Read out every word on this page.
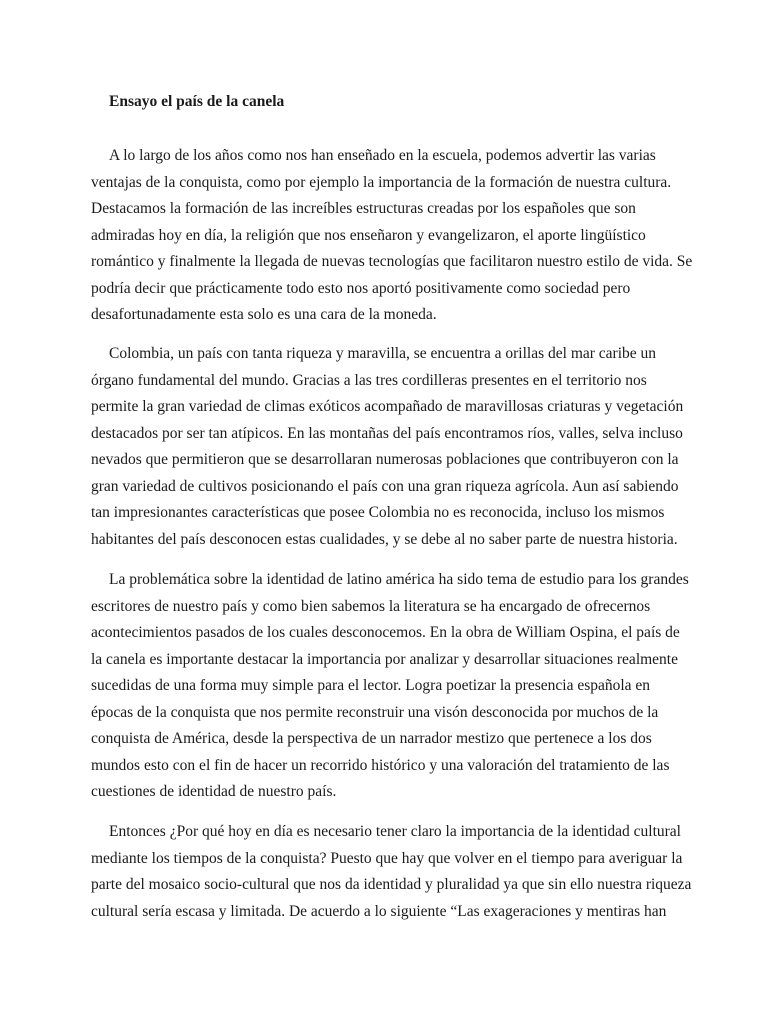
Ensayo el país de la canela
A lo largo de los años como nos han enseñado en la escuela, podemos advertir las varias
ventajas de la conquista, como por ejemplo la importancia de la formación de nuestra cultura.
Destacamos la formación de las increíbles estructuras creadas por los españoles que son
admiradas hoy en día, la religión que nos enseñaron y evangelizaron, el aporte lingüístico
romántico y finalmente la llegada de nuevas tecnologías que facilitaron nuestro estilo de vida. Se
podría decir que prácticamente todo esto nos aportó positivamente como sociedad pero
desafortunadamente esta solo es una cara de la moneda.
Colombia, un país con tanta riqueza y maravilla, se encuentra a orillas del mar caribe un
órgano fundamental del mundo. Gracias a las tres cordilleras presentes en el territorio nos
permite la gran variedad de climas exóticos acompañado de maravillosas criaturas y vegetación
destacados por ser tan atípicos. En las montañas del país encontramos ríos, valles, selva incluso
nevados que permitieron que se desarrollaran numerosas poblaciones que contribuyeron con la
gran variedad de cultivos posicionando el país con una gran riqueza agrícola. Aun así sabiendo
tan impresionantes características que posee Colombia no es reconocida, incluso los mismos
habitantes del país desconocen estas cualidades, y se debe al no saber parte de nuestra historia.
La problemática sobre la identidad de latino américa ha sido tema de estudio para los grandes
escritores de nuestro país y como bien sabemos la literatura se ha encargado de ofrecernos
acontecimientos pasados de los cuales desconocemos. En la obra de William Ospina, el país de
la canela es importante destacar la importancia por analizar y desarrollar situaciones realmente
sucedidas de una forma muy simple para el lector. Logra poetizar la presencia española en
épocas de la conquista que nos permite reconstruir una visón desconocida por muchos de la
conquista de América, desde la perspectiva de un narrador mestizo que pertenece a los dos
mundos esto con el fin de hacer un recorrido histórico y una valoración del tratamiento de las
cuestiones de identidad de nuestro país.
Entonces ¿Por qué hoy en día es necesario tener claro la importancia de la identidad cultural
mediante los tiempos de la conquista? Puesto que hay que volver en el tiempo para averiguar la
parte del mosaico socio-cultural que nos da identidad y pluralidad ya que sin ello nuestra riqueza
cultural sería escasa y limitada. De acuerdo a lo siguiente “Las exageraciones y mentiras han
